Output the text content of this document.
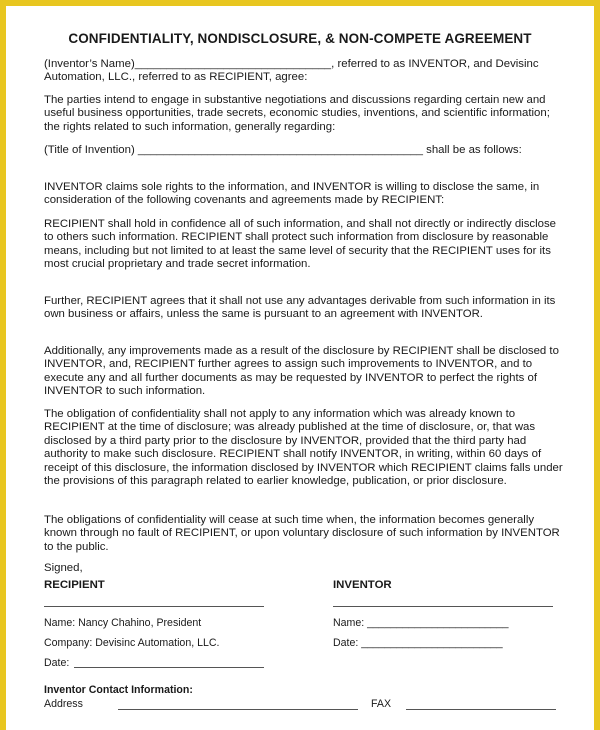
CONFIDENTIALITY, NONDISCLOSURE, & NON-COMPETE AGREEMENT

(Inventor’s Name)_______________________________, referred to as INVENTOR, and Devisinc Automation, LLC., referred to as RECIPIENT, agree:

The parties intend to engage in substantive negotiations and discussions regarding certain new and useful business opportunities, trade secrets, economic studies, inventions, and scientific information; the rights related to such information, generally regarding:

(Title of Invention) _____________________________________________ shall be as follows:

INVENTOR claims sole rights to the information, and INVENTOR is willing to disclose the same, in consideration of the following covenants and agreements made by RECIPIENT:

RECIPIENT shall hold in confidence all of such information, and shall not directly or indirectly disclose to others such information. RECIPIENT shall protect such information from disclosure by reasonable means, including but not limited to at least the same level of security that the RECIPIENT uses for its most crucial proprietary and trade secret information.

Further, RECIPIENT agrees that it shall not use any advantages derivable from such information in its own business or affairs, unless the same is pursuant to an agreement with INVENTOR.

Additionally, any improvements made as a result of the disclosure by RECIPIENT shall be disclosed to INVENTOR, and, RECIPIENT further agrees to assign such improvements to INVENTOR, and to execute any and all further documents as may be requested by INVENTOR to perfect the rights of INVENTOR to such information.

The obligation of confidentiality shall not apply to any information which was already known to RECIPIENT at the time of disclosure; was already published at the time of disclosure, or, that was disclosed by a third party prior to the disclosure by INVENTOR, provided that the third party had authority to make such disclosure. RECIPIENT shall notify INVENTOR, in writing, within 60 days of receipt of this disclosure, the information disclosed by INVENTOR which RECIPIENT claims falls under the provisions of this paragraph related to earlier knowledge, publication, or prior disclosure.

The obligations of confidentiality will cease at such time when, the information becomes generally known through no fault of RECIPIENT, or upon voluntary disclosure of such information by INVENTOR to the public.

Signed,
RECIPIENT	INVENTOR
Name: Nancy Chahino, President	Name: ________________________
Company: Devisinc Automation, LLC.	Date: ________________________
Date:
Inventor Contact Information:
Address	FAX
